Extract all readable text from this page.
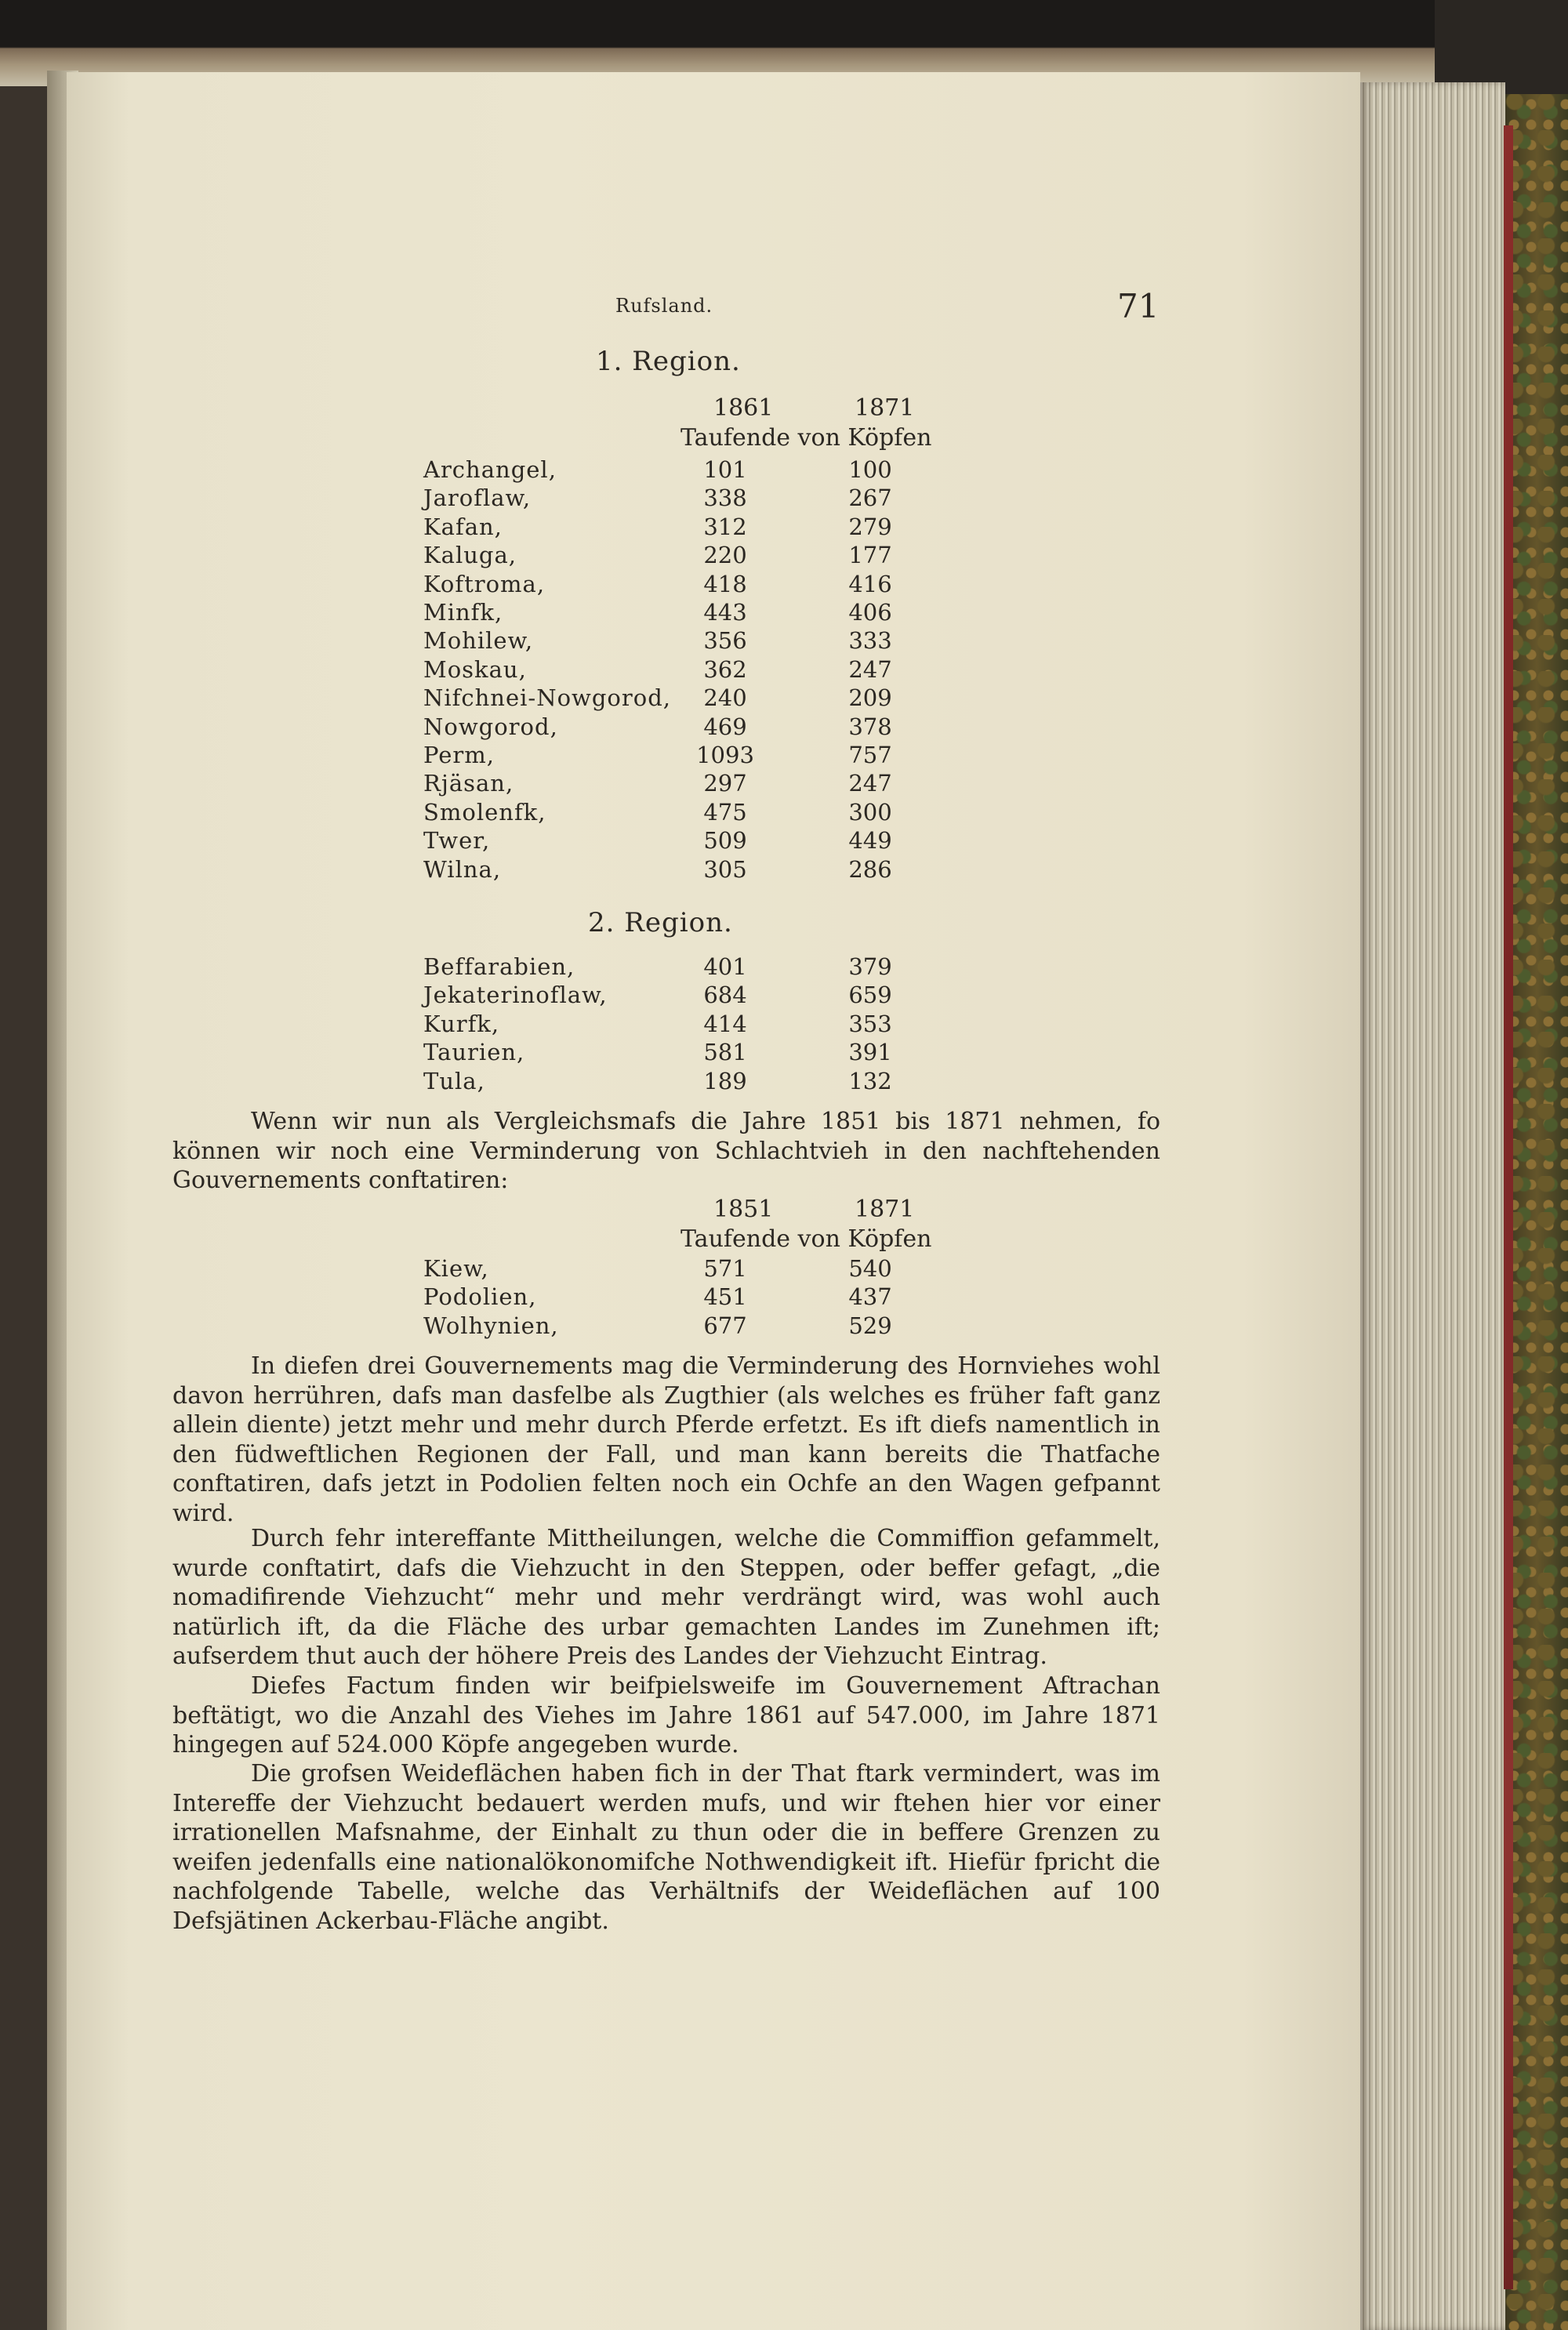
Rufsland.	71
1. Region.
1861	1871
Taufende von Köpfen
Archangel,	101	100
Jaroflaw,	338	267
Kafan,	312	279
Kaluga,	220	177
Koftroma,	418	416
Minfk,	443	406
Mohilew,	356	333
Moskau,	362	247
Nifchnei-Nowgorod,	240	209
Nowgorod,	469	378
Perm,	1093	757
Rjäsan,	297	247
Smolenfk,	475	300
Twer,	509	449
Wilna,	305	286
2. Region.
Beffarabien,	401	379
Jekaterinoflaw,	684	659
Kurfk,	414	353
Taurien,	581	391
Tula,	189	132

Wenn wir nun als Vergleichsmafs die Jahre 1851 bis 1871 nehmen, fo können wir noch eine Verminderung von Schlachtvieh in den nachftehenden Gouvernements conftatiren:

1851	1871
Taufende von Köpfen
Kiew,	571	540
Podolien,	451	437
Wolhynien,	677	529

In diefen drei Gouvernements mag die Verminderung des Hornviehes wohl davon herrühren, dafs man dasfelbe als Zugthier (als welches es früher faft ganz allein diente) jetzt mehr und mehr durch Pferde erfetzt. Es ift diefs namentlich in den füdweftlichen Regionen der Fall, und man kann bereits die Thatfache conftatiren, dafs jetzt in Podolien felten noch ein Ochfe an den Wagen gefpannt wird.

Durch fehr intereffante Mittheilungen, welche die Commiffion gefammelt, wurde conftatirt, dafs die Viehzucht in den Steppen, oder beffer gefagt, „die nomadifirende Viehzucht“ mehr und mehr verdrängt wird, was wohl auch natürlich ift, da die Fläche des urbar gemachten Landes im Zunehmen ift; aufserdem thut auch der höhere Preis des Landes der Viehzucht Eintrag.

Diefes Factum finden wir beifpielsweife im Gouvernement Aftrachan beftätigt, wo die Anzahl des Viehes im Jahre 1861 auf 547.000, im Jahre 1871 hingegen auf 524.000 Köpfe angegeben wurde.

Die grofsen Weideflächen haben fich in der That ftark vermindert, was im Intereffe der Viehzucht bedauert werden mufs, und wir ftehen hier vor einer irrationellen Mafsnahme, der Einhalt zu thun oder die in beffere Grenzen zu weifen jedenfalls eine nationalökonomifche Nothwendigkeit ift. Hiefür fpricht die nachfolgende Tabelle, welche das Verhältnifs der Weideflächen auf 100 Defsjätinen Ackerbau-Fläche angibt.
